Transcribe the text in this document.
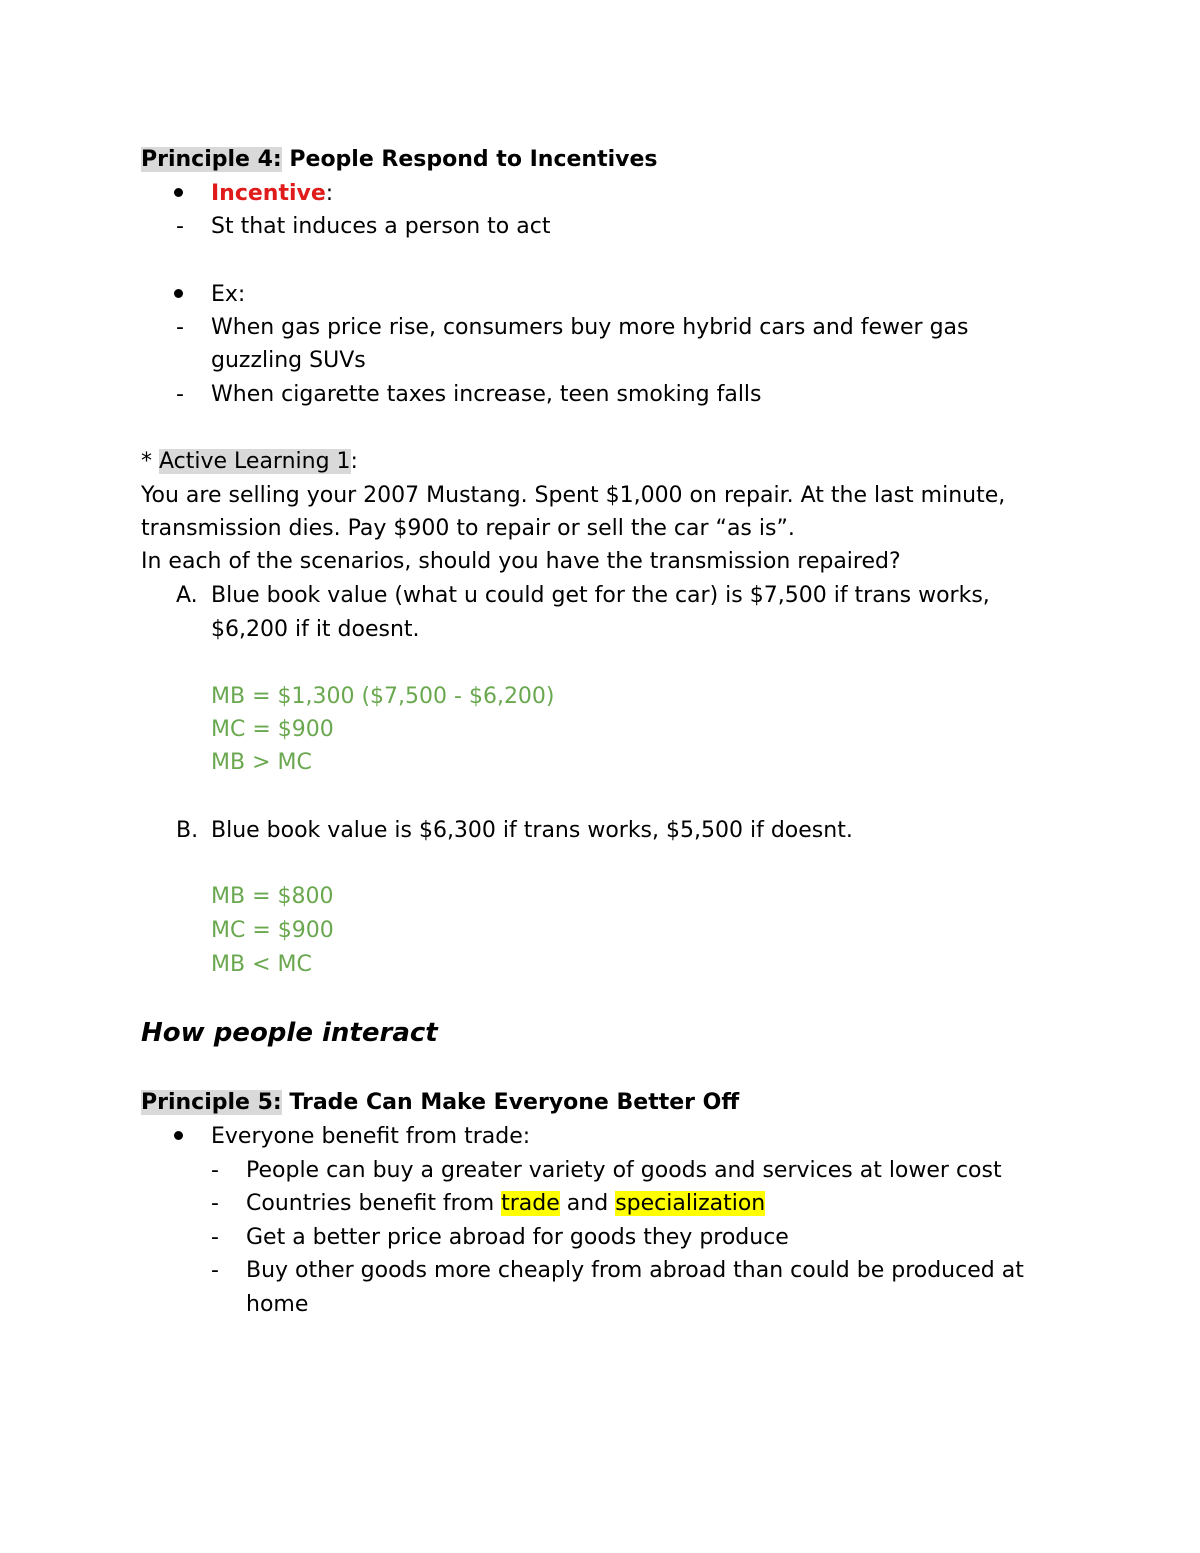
Principle 4: People Respond to Incentives
Incentive:
- St that induces a person to act
Ex:
- When gas price rise, consumers buy more hybrid cars and fewer gas
guzzling SUVs
- When cigarette taxes increase, teen smoking falls
* Active Learning 1:
You are selling your 2007 Mustang. Spent $1,000 on repair. At the last minute,
transmission dies. Pay $900 to repair or sell the car “as is”.
In each of the scenarios, should you have the transmission repaired?
A. Blue book value (what u could get for the car) is $7,500 if trans works,
$6,200 if it doesnt.
MB = $1,300 ($7,500 - $6,200)
MC = $900
MB > MC
B. Blue book value is $6,300 if trans works, $5,500 if doesnt.
MB = $800
MC = $900
MB < MC
How people interact
Principle 5: Trade Can Make Everyone Better Off
Everyone benefit from trade:
- People can buy a greater variety of goods and services at lower cost
- Countries benefit from trade and specialization
- Get a better price abroad for goods they produce
- Buy other goods more cheaply from abroad than could be produced at
home
